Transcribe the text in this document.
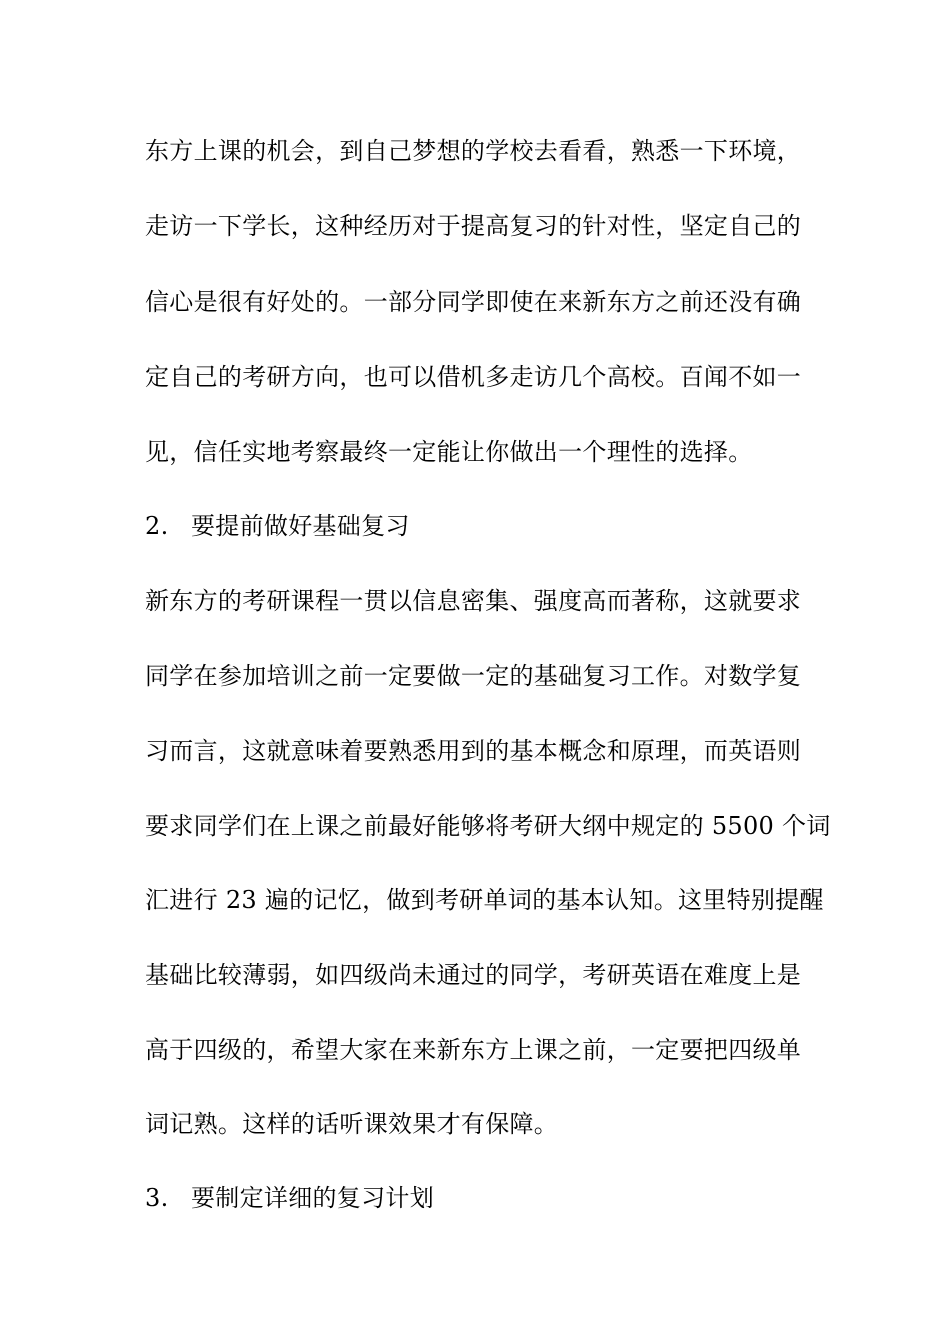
东方上课的机会，到自己梦想的学校去看看，熟悉一下环境，
走访一下学长，这种经历对于提高复习的针对性，坚定自己的
信心是很有好处的。一部分同学即使在来新东方之前还没有确
定自己的考研方向，也可以借机多走访几个高校。百闻不如一
见，信任实地考察最终一定能让你做出一个理性的选择。
2. 要提前做好基础复习
新东方的考研课程一贯以信息密集、强度高而著称，这就要求
同学在参加培训之前一定要做一定的基础复习工作。对数学复
习而言，这就意味着要熟悉用到的基本概念和原理，而英语则
要求同学们在上课之前最好能够将考研大纲中规定的 5500 个词
汇进行 23 遍的记忆，做到考研单词的基本认知。这里特别提醒
基础比较薄弱，如四级尚未通过的同学，考研英语在难度上是
高于四级的，希望大家在来新东方上课之前，一定要把四级单
词记熟。这样的话听课效果才有保障。
3. 要制定详细的复习计划
